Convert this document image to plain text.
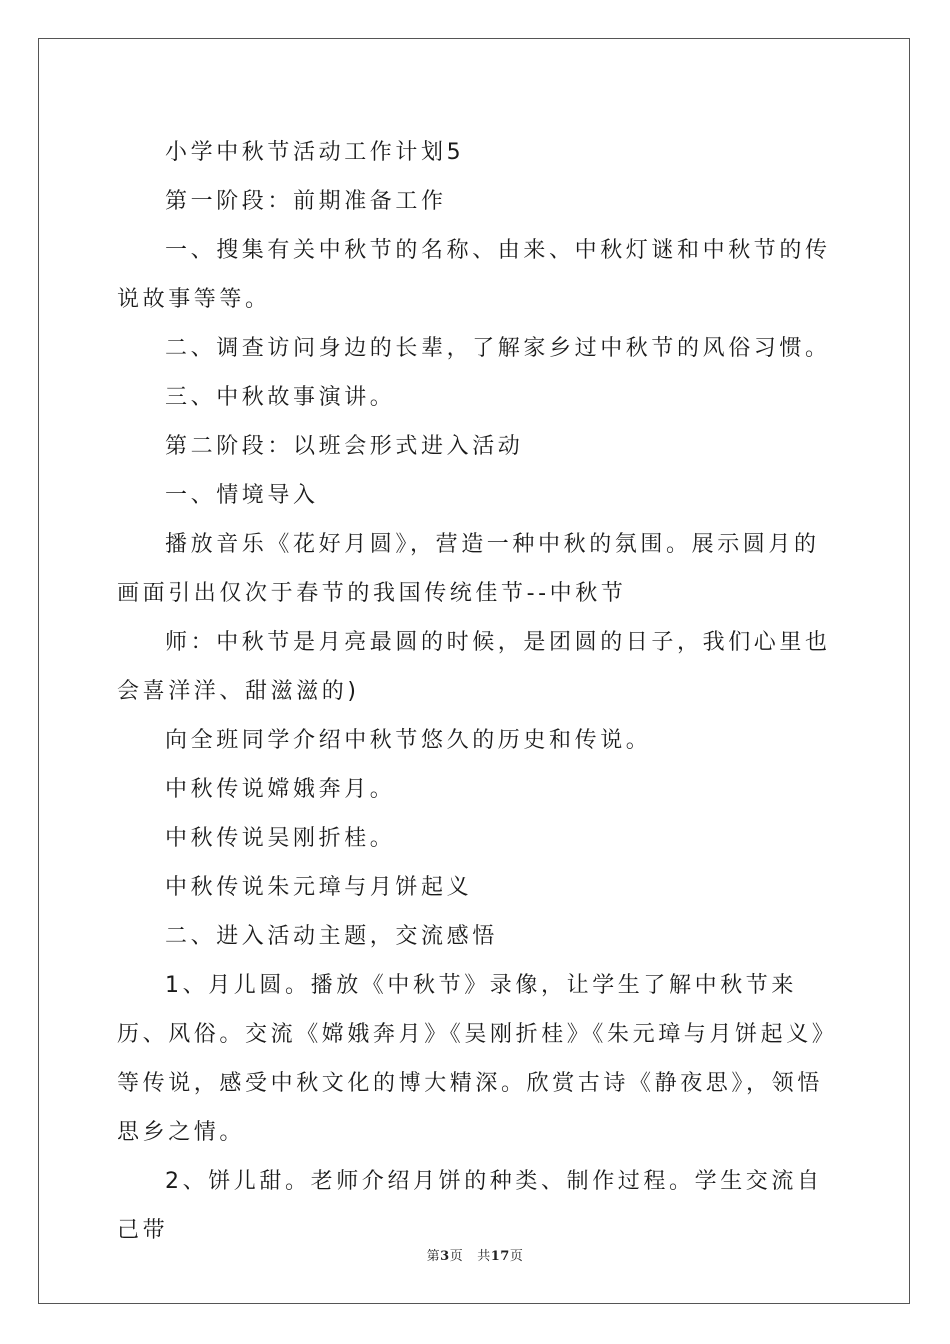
小学中秋节活动工作计划5

第一阶段：前期准备工作

一、搜集有关中秋节的名称、由来、中秋灯谜和中秋节的传说故事等等。

二、调查访问身边的长辈，了解家乡过中秋节的风俗习惯。

三、中秋故事演讲。

第二阶段：以班会形式进入活动

一、情境导入

播放音乐《花好月圆》，营造一种中秋的氛围。展示圆月的画面引出仅次于春节的我国传统佳节--中秋节

师：中秋节是月亮最圆的时候，是团圆的日子，我们心里也会喜洋洋、甜滋滋的)

向全班同学介绍中秋节悠久的历史和传说。

中秋传说嫦娥奔月。

中秋传说吴刚折桂。

中秋传说朱元璋与月饼起义

二、进入活动主题，交流感悟

1、月儿圆。播放《中秋节》录像，让学生了解中秋节来历、风俗。交流《嫦娥奔月》《吴刚折桂》《朱元璋与月饼起义》等传说，感受中秋文化的博大精深。欣赏古诗《静夜思》，领悟思乡之情。

2、饼儿甜。老师介绍月饼的种类、制作过程。学生交流自己带

第3页 共17页
